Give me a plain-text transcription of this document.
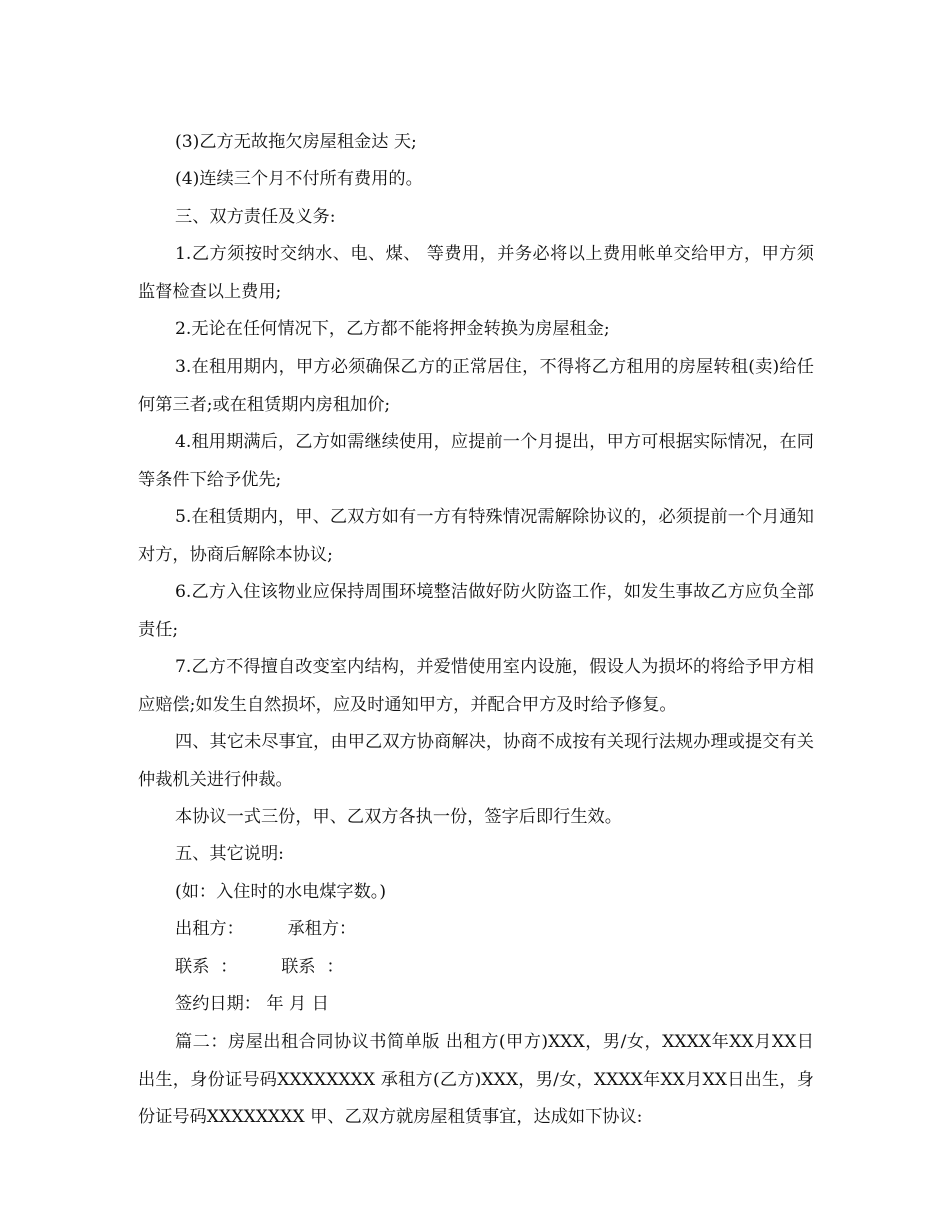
(3)乙方无故拖欠房屋租金达 天;

(4)连续三个月不付所有费用的。

三、双方责任及义务:

1.乙方须按时交纳水、电、煤、 等费用，并务必将以上费用帐单交给甲方，甲方须监督检查以上费用;

2.无论在任何情况下，乙方都不能将押金转换为房屋租金;

3.在租用期内，甲方必须确保乙方的正常居住，不得将乙方租用的房屋转租(卖)给任何第三者;或在租赁期内房租加价;

4.租用期满后，乙方如需继续使用，应提前一个月提出，甲方可根据实际情况，在同等条件下给予优先;

5.在租赁期内，甲、乙双方如有一方有特殊情况需解除协议的，必须提前一个月通知对方，协商后解除本协议;

6.乙方入住该物业应保持周围环境整洁做好防火防盗工作，如发生事故乙方应负全部责任;

7.乙方不得擅自改变室内结构，并爱惜使用室内设施，假设人为损坏的将给予甲方相应赔偿;如发生自然损坏，应及时通知甲方，并配合甲方及时给予修复。

四、其它未尽事宜，由甲乙双方协商解决，协商不成按有关现行法规办理或提交有关仲裁机关进行仲裁。

本协议一式三份，甲、乙双方各执一份，签字后即行生效。

五、其它说明:

(如：入住时的水电煤字数。)

出租方：        承租方：

联系  ：        联系  ：

签约日期： 年 月 日

篇二：房屋出租合同协议书简单版 出租方(甲方)XXX，男/女，XXXX年XX月XX日出生，身份证号码XXXXXXXX 承租方(乙方)XXX，男/女，XXXX年XX月XX日出生，身份证号码XXXXXXXX 甲、乙双方就房屋租赁事宜，达成如下协议:
